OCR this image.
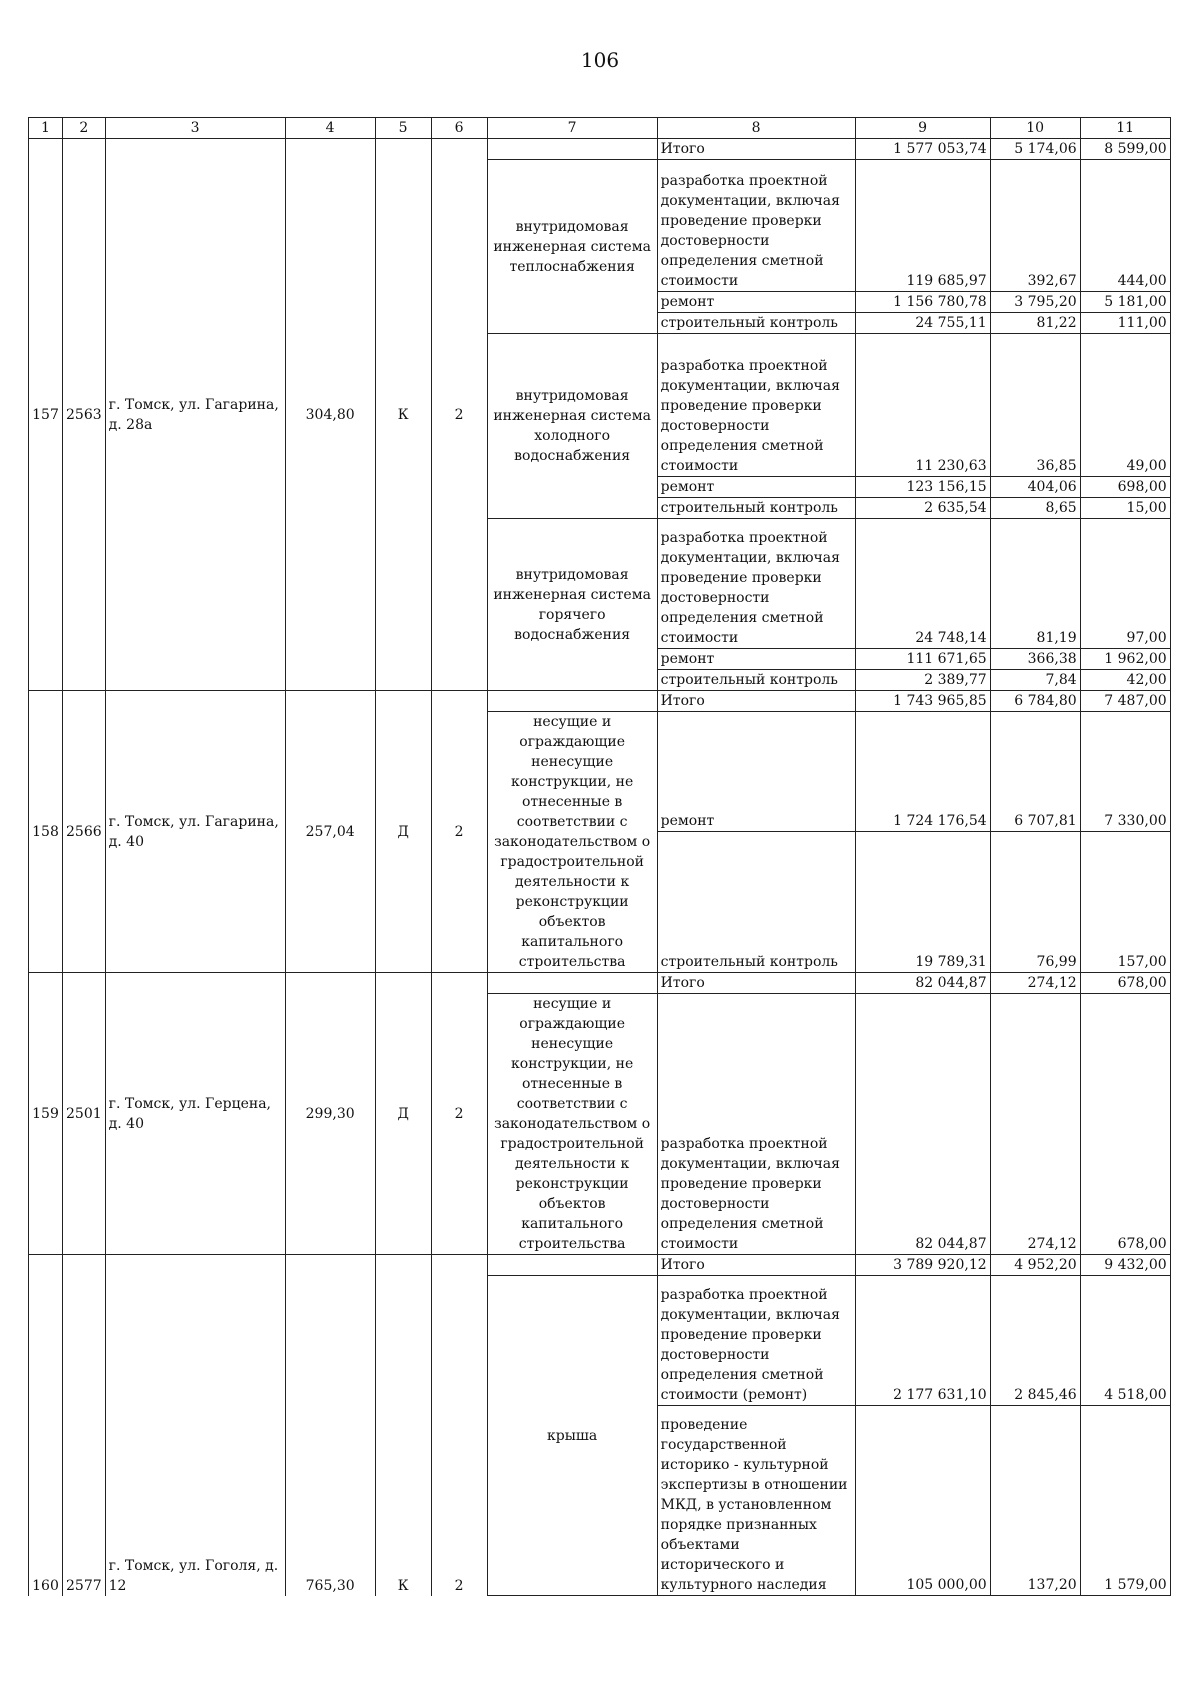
106
1	2	3	4	5	6	7	8	9	10	11
157	2563	г. Томск, ул. Гагарина, д. 28а	304,80	К	2		Итого	1 577 053,74	5 174,06	8 599,00
						внутридомовая инженерная система теплоснабжения	разработка проектной документации, включая проведение проверки достоверности определения сметной стоимости	119 685,97	392,67	444,00
							ремонт	1 156 780,78	3 795,20	5 181,00
							строительный контроль	24 755,11	81,22	111,00
						внутридомовая инженерная система холодного водоснабжения	разработка проектной документации, включая проведение проверки достоверности определения сметной стоимости	11 230,63	36,85	49,00
							ремонт	123 156,15	404,06	698,00
							строительный контроль	2 635,54	8,65	15,00
						внутридомовая инженерная система горячего водоснабжения	разработка проектной документации, включая проведение проверки достоверности определения сметной стоимости	24 748,14	81,19	97,00
							ремонт	111 671,65	366,38	1 962,00
							строительный контроль	2 389,77	7,84	42,00
158	2566	г. Томск, ул. Гагарина, д. 40	257,04	Д	2		Итого	1 743 965,85	6 784,80	7 487,00
						несущие и ограждающие ненесущие конструкции, не отнесенные в соответствии с законодательством о градостроительной деятельности к реконструкции объектов капитального строительства	ремонт	1 724 176,54	6 707,81	7 330,00
							строительный контроль	19 789,31	76,99	157,00
159	2501	г. Томск, ул. Герцена, д. 40	299,30	Д	2		Итого	82 044,87	274,12	678,00
						несущие и ограждающие ненесущие конструкции, не отнесенные в соответствии с законодательством о градостроительной деятельности к реконструкции объектов капитального строительства	разработка проектной документации, включая проведение проверки достоверности определения сметной стоимости	82 044,87	274,12	678,00
160	2577	г. Томск, ул. Гоголя, д. 12	765,30	К	2		Итого	3 789 920,12	4 952,20	9 432,00
						крыша	разработка проектной документации, включая проведение проверки достоверности определения сметной стоимости (ремонт)	2 177 631,10	2 845,46	4 518,00
							проведение государственной историко - культурной экспертизы в отношении МКД, в установленном порядке признанных объектами исторического и культурного наследия	105 000,00	137,20	1 579,00
